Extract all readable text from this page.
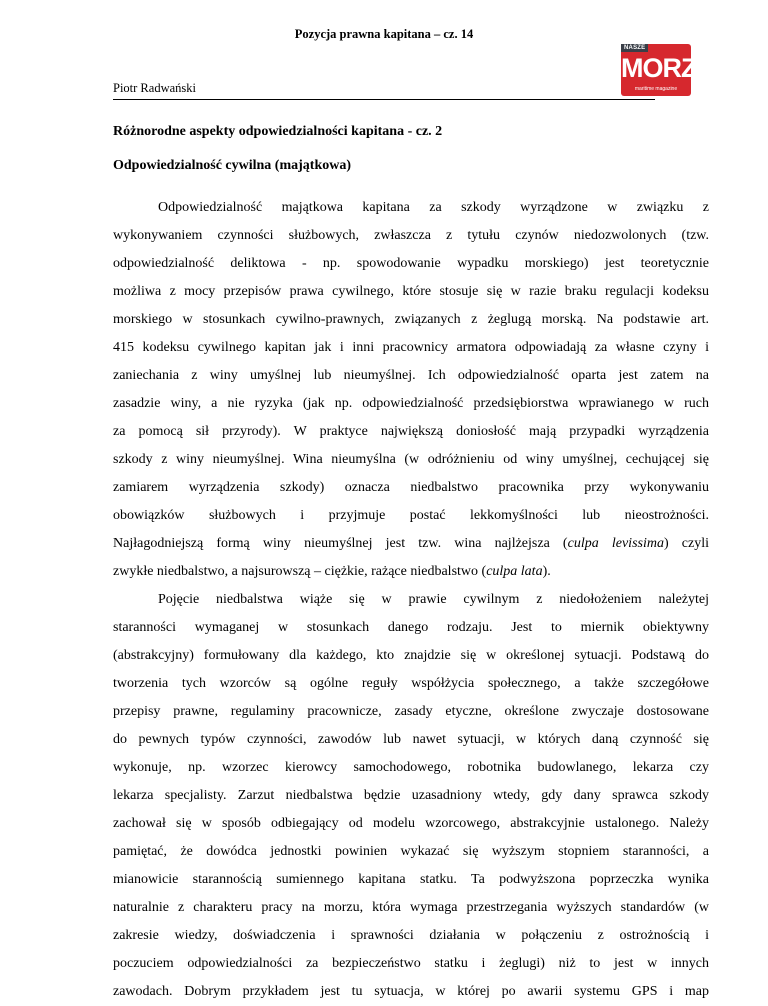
Pozycja prawna kapitana – cz. 14
Piotr Radwański
NASZE
MORZE
maritime magazine
Różnorodne aspekty odpowiedzialności kapitana - cz. 2
Odpowiedzialność cywilna (majątkowa)
Odpowiedzialność majątkowa kapitana za szkody wyrządzone w związku z
wykonywaniem czynności służbowych, zwłaszcza z tytułu czynów niedozwolonych (tzw.
odpowiedzialność deliktowa - np. spowodowanie wypadku morskiego) jest teoretycznie
możliwa z mocy przepisów prawa cywilnego, które stosuje się w razie braku regulacji kodeksu
morskiego w stosunkach cywilno-prawnych, związanych z żeglugą morską. Na podstawie art.
415 kodeksu cywilnego kapitan jak i inni pracownicy armatora odpowiadają za własne czyny i
zaniechania z winy umyślnej lub nieumyślnej. Ich odpowiedzialność oparta jest zatem na
zasadzie winy, a nie ryzyka (jak np. odpowiedzialność przedsiębiorstwa wprawianego w ruch
za pomocą sił przyrody). W praktyce największą doniosłość mają przypadki wyrządzenia
szkody z winy nieumyślnej. Wina nieumyślna (w odróżnieniu od winy umyślnej, cechującej się
zamiarem wyrządzenia szkody) oznacza niedbalstwo pracownika przy wykonywaniu
obowiązków służbowych i przyjmuje postać lekkomyślności lub nieostrożności.
Najłagodniejszą formą winy nieumyślnej jest tzw. wina najlżejsza (culpa levissima) czyli
zwykłe niedbalstwo, a najsurowszą – ciężkie, rażące niedbalstwo (culpa lata).
Pojęcie niedbalstwa wiąże się w prawie cywilnym z niedołożeniem należytej
staranności wymaganej w stosunkach danego rodzaju. Jest to miernik obiektywny
(abstrakcyjny) formułowany dla każdego, kto znajdzie się w określonej sytuacji. Podstawą do
tworzenia tych wzorców są ogólne reguły współżycia społecznego, a także szczegółowe
przepisy prawne, regulaminy pracownicze, zasady etyczne, określone zwyczaje dostosowane
do pewnych typów czynności, zawodów lub nawet sytuacji, w których daną czynność się
wykonuje, np. wzorzec kierowcy samochodowego, robotnika budowlanego, lekarza czy
lekarza specjalisty. Zarzut niedbalstwa będzie uzasadniony wtedy, gdy dany sprawca szkody
zachował się w sposób odbiegający od modelu wzorcowego, abstrakcyjnie ustalonego. Należy
pamiętać, że dowódca jednostki powinien wykazać się wyższym stopniem staranności, a
mianowicie starannością sumiennego kapitana statku. Ta podwyższona poprzeczka wynika
naturalnie z charakteru pracy na morzu, która wymaga przestrzegania wyższych standardów (w
zakresie wiedzy, doświadczenia i sprawności działania w połączeniu z ostrożnością i
poczuciem odpowiedzialności za bezpieczeństwo statku i żeglugi) niż to jest w innych
zawodach. Dobrym przykładem jest tu sytuacja, w której po awarii systemu GPS i map
